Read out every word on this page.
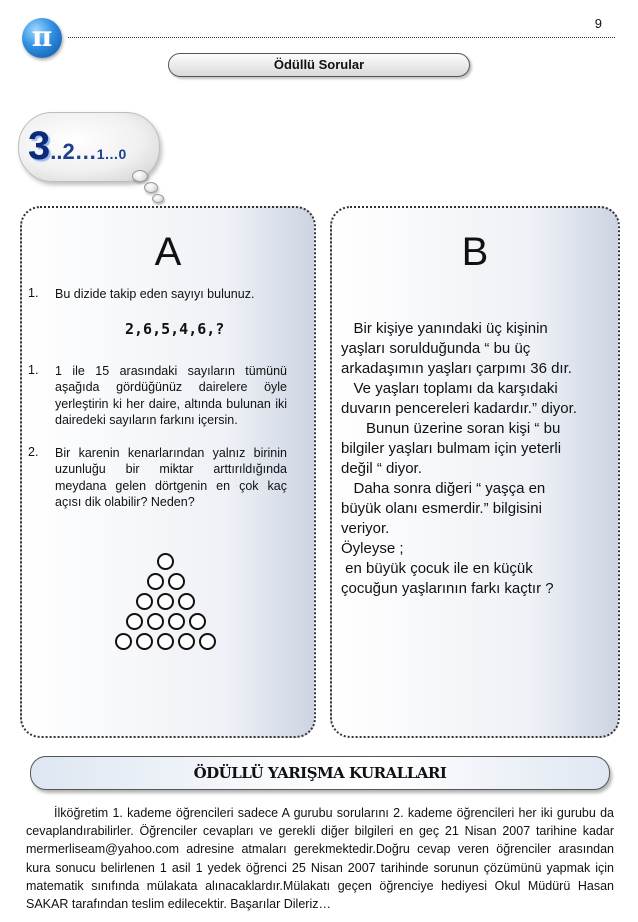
π	9
Ödüllü Sorular
3..2…1…0
A
1. Bu dizide takip eden sayıyı bulunuz.
2,6,5,4,6,?
1. 1 ile 15 arasındaki sayıların tümünü aşağıda gördüğünüz dairelere öyle yerleştirin ki her daire, altında bulunan iki dairedeki sayıların farkını içersin.
2. Bir karenin kenarlarından yalnız birinin uzunluğu bir miktar arttırıldığında meydana gelen dörtgenin en çok kaç açısı dik olabilir? Neden?
B
Bir kişiye yanındaki üç kişinin
yaşları sorulduğunda “ bu üç
arkadaşımın yaşları çarpımı 36 dır.
Ve yaşları toplamı da karşıdaki
duvarın pencereleri kadardır.” diyor.
Bunun üzerine soran kişi “ bu
bilgiler yaşları bulmam için yeterli
değil “ diyor.
Daha sonra diğeri “ yaşça en
büyük olanı esmerdir.” bilgisini
veriyor.
Öyleyse ;
en büyük çocuk ile en küçük
çocuğun yaşlarının farkı kaçtır ?
ÖDÜLLÜ YARIŞMA KURALLARI
İlköğretim 1. kademe öğrencileri sadece A gurubu sorularını 2. kademe öğrencileri her iki gurubu da cevaplandırabilirler. Öğrenciler cevapları ve gerekli diğer bilgileri en geç 21 Nisan 2007 tarihine kadar mermerliseam@yahoo.com adresine atmaları gerekmektedir.Doğru cevap veren öğrenciler arasından kura sonucu belirlenen 1 asil 1 yedek öğrenci 25 Nisan 2007 tarihinde sorunun çözümünü yapmak için matematik sınıfında mülakata alınacaklardır.Mülakatı geçen öğrenciye hediyesi Okul Müdürü Hasan SAKAR tarafından teslim edilecektir. Başarılar Dileriz…
